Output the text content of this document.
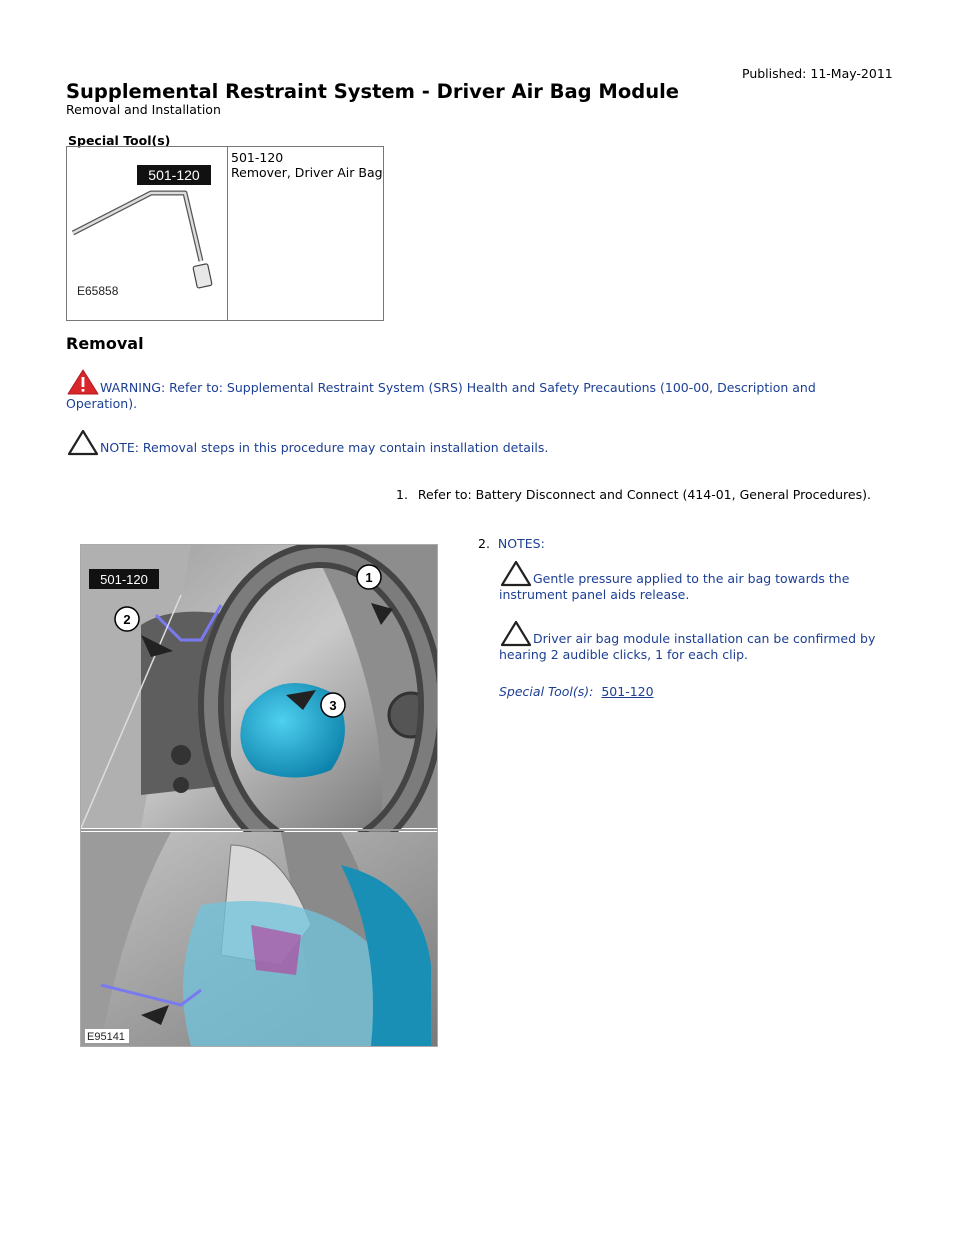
Published: 11-May-2011
Supplemental Restraint System - Driver Air Bag Module
Removal and Installation
Special Tool(s)
501-120
E65858
501-120
Remover, Driver Air Bag
Removal
WARNING: Refer to: Supplemental Restraint System (SRS) Health and Safety Precautions (100-00, Description and Operation).
NOTE: Removal steps in this procedure may contain installation details.
1. Refer to: Battery Disconnect and Connect (414-01, General Procedures).
2. NOTES:
Gentle pressure applied to the air bag towards the instrument panel aids release.
Driver air bag module installation can be confirmed by hearing 2 audible clicks, 1 for each clip.
Special Tool(s): 501-120
501-120	1
2
3
E95141
